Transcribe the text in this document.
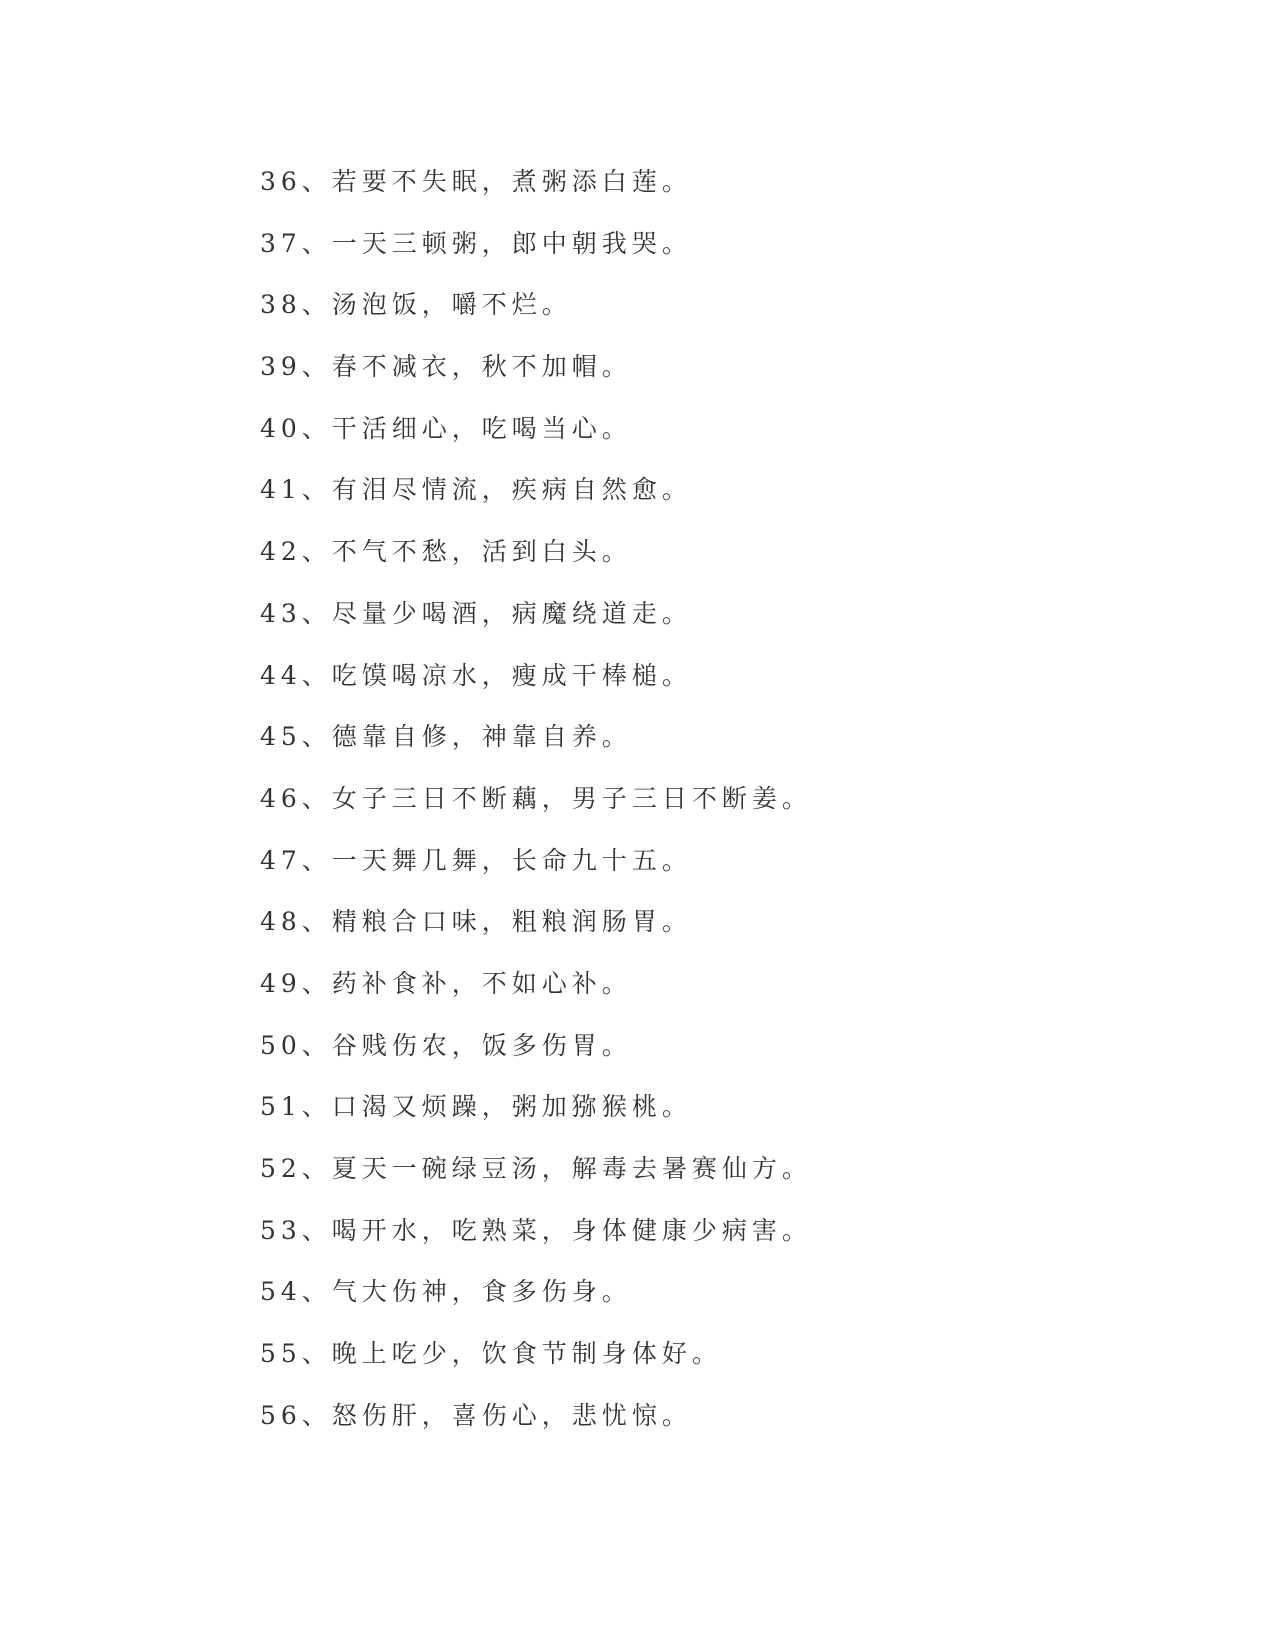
36、若要不失眠，煮粥添白莲。
37、一天三顿粥，郎中朝我哭。
38、汤泡饭，嚼不烂。
39、春不减衣，秋不加帽。
40、干活细心，吃喝当心。
41、有泪尽情流，疾病自然愈。
42、不气不愁，活到白头。
43、尽量少喝酒，病魔绕道走。
44、吃馍喝凉水，瘦成干棒槌。
45、德靠自修，神靠自养。
46、女子三日不断藕，男子三日不断姜。
47、一天舞几舞，长命九十五。
48、精粮合口味，粗粮润肠胃。
49、药补食补，不如心补。
50、谷贱伤农，饭多伤胃。
51、口渴又烦躁，粥加猕猴桃。
52、夏天一碗绿豆汤，解毒去暑赛仙方。
53、喝开水，吃熟菜，身体健康少病害。
54、气大伤神，食多伤身。
55、晚上吃少，饮食节制身体好。
56、怒伤肝，喜伤心，悲忧惊。
